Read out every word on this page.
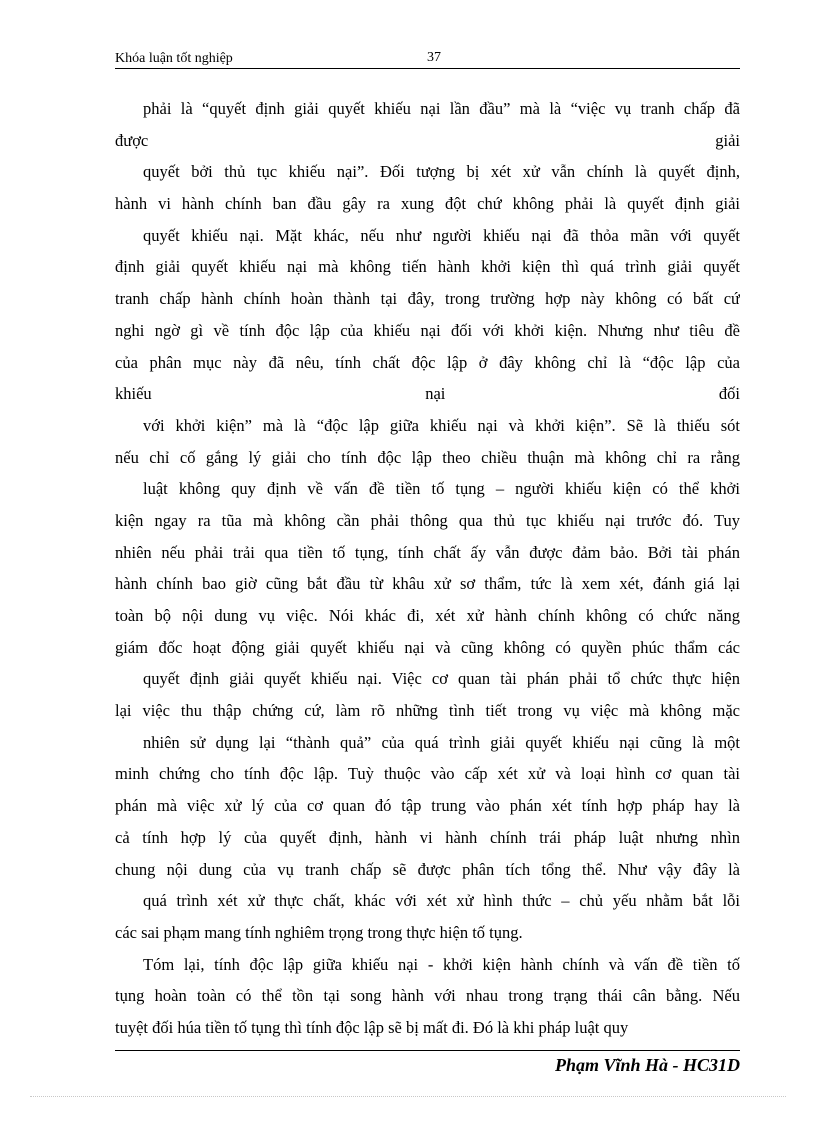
Khóa luận tốt nghiệp	37
phải là “quyết định giải quyết khiếu nại lần đầu” mà là “việc vụ tranh chấp đã
được giải
quyết bởi thủ tục khiếu nại”. Đối tượng bị xét xử vẫn chính là quyết định,
hành vi hành chính ban đầu gây ra xung đột chứ không phải là quyết định giải
quyết khiếu nại. Mặt khác, nếu như người khiếu nại đã thỏa mãn với quyết
định giải quyết khiếu nại mà không tiến hành khởi kiện thì quá trình giải quyết
tranh chấp hành chính hoàn thành tại đây, trong trường hợp này không có bất cứ
nghi ngờ gì về tính độc lập của khiếu nại đối với khởi kiện. Nhưng như tiêu đề
của phân mục này đã nêu, tính chất độc lập ở đây không chỉ là “độc lập của
khiếu nại đối
với khởi kiện” mà là “độc lập giữa khiếu nại và khởi kiện”. Sẽ là thiếu sót
nếu chỉ cố gắng lý giải cho tính độc lập theo chiều thuận mà không chỉ ra rằng
luật không quy định về vấn đề tiền tố tụng – người khiếu kiện có thể khởi
kiện ngay ra tũa mà không cần phải thông qua thủ tục khiếu nại trước đó. Tuy
nhiên nếu phải trải qua tiền tố tụng, tính chất ấy vẫn được đảm bảo. Bởi tài phán
hành chính bao giờ cũng bắt đầu từ khâu xử sơ thẩm, tức là xem xét, đánh giá lại
toàn bộ nội dung vụ việc. Nói khác đi, xét xử hành chính không có chức năng
giám đốc hoạt động giải quyết khiếu nại và cũng không có quyền phúc thẩm các
quyết định giải quyết khiếu nại. Việc cơ quan tài phán phải tổ chức thực hiện
lại việc thu thập chứng cứ, làm rõ những tình tiết trong vụ việc mà không mặc
nhiên sử dụng lại “thành quả” của quá trình giải quyết khiếu nại cũng là một
minh chứng cho tính độc lập. Tuỳ thuộc vào cấp xét xử và loại hình cơ quan tài
phán mà việc xử lý của cơ quan đó tập trung vào phán xét tính hợp pháp hay là
cả tính hợp lý của quyết định, hành vi hành chính trái pháp luật nhưng nhìn
chung nội dung của vụ tranh chấp sẽ được phân tích tổng thể. Như vậy đây là
quá trình xét xử thực chất, khác với xét xử hình thức – chủ yếu nhằm bắt lỗi
các sai phạm mang tính nghiêm trọng trong thực hiện tố tụng.
Tóm lại, tính độc lập giữa khiếu nại - khởi kiện hành chính và vấn đề tiền tố
tụng hoàn toàn có thể tồn tại song hành với nhau trong trạng thái cân bằng. Nếu
tuyệt đối húa tiền tố tụng thì tính độc lập sẽ bị mất đi. Đó là khi pháp luật quy
Phạm Vĩnh Hà - HC31D
